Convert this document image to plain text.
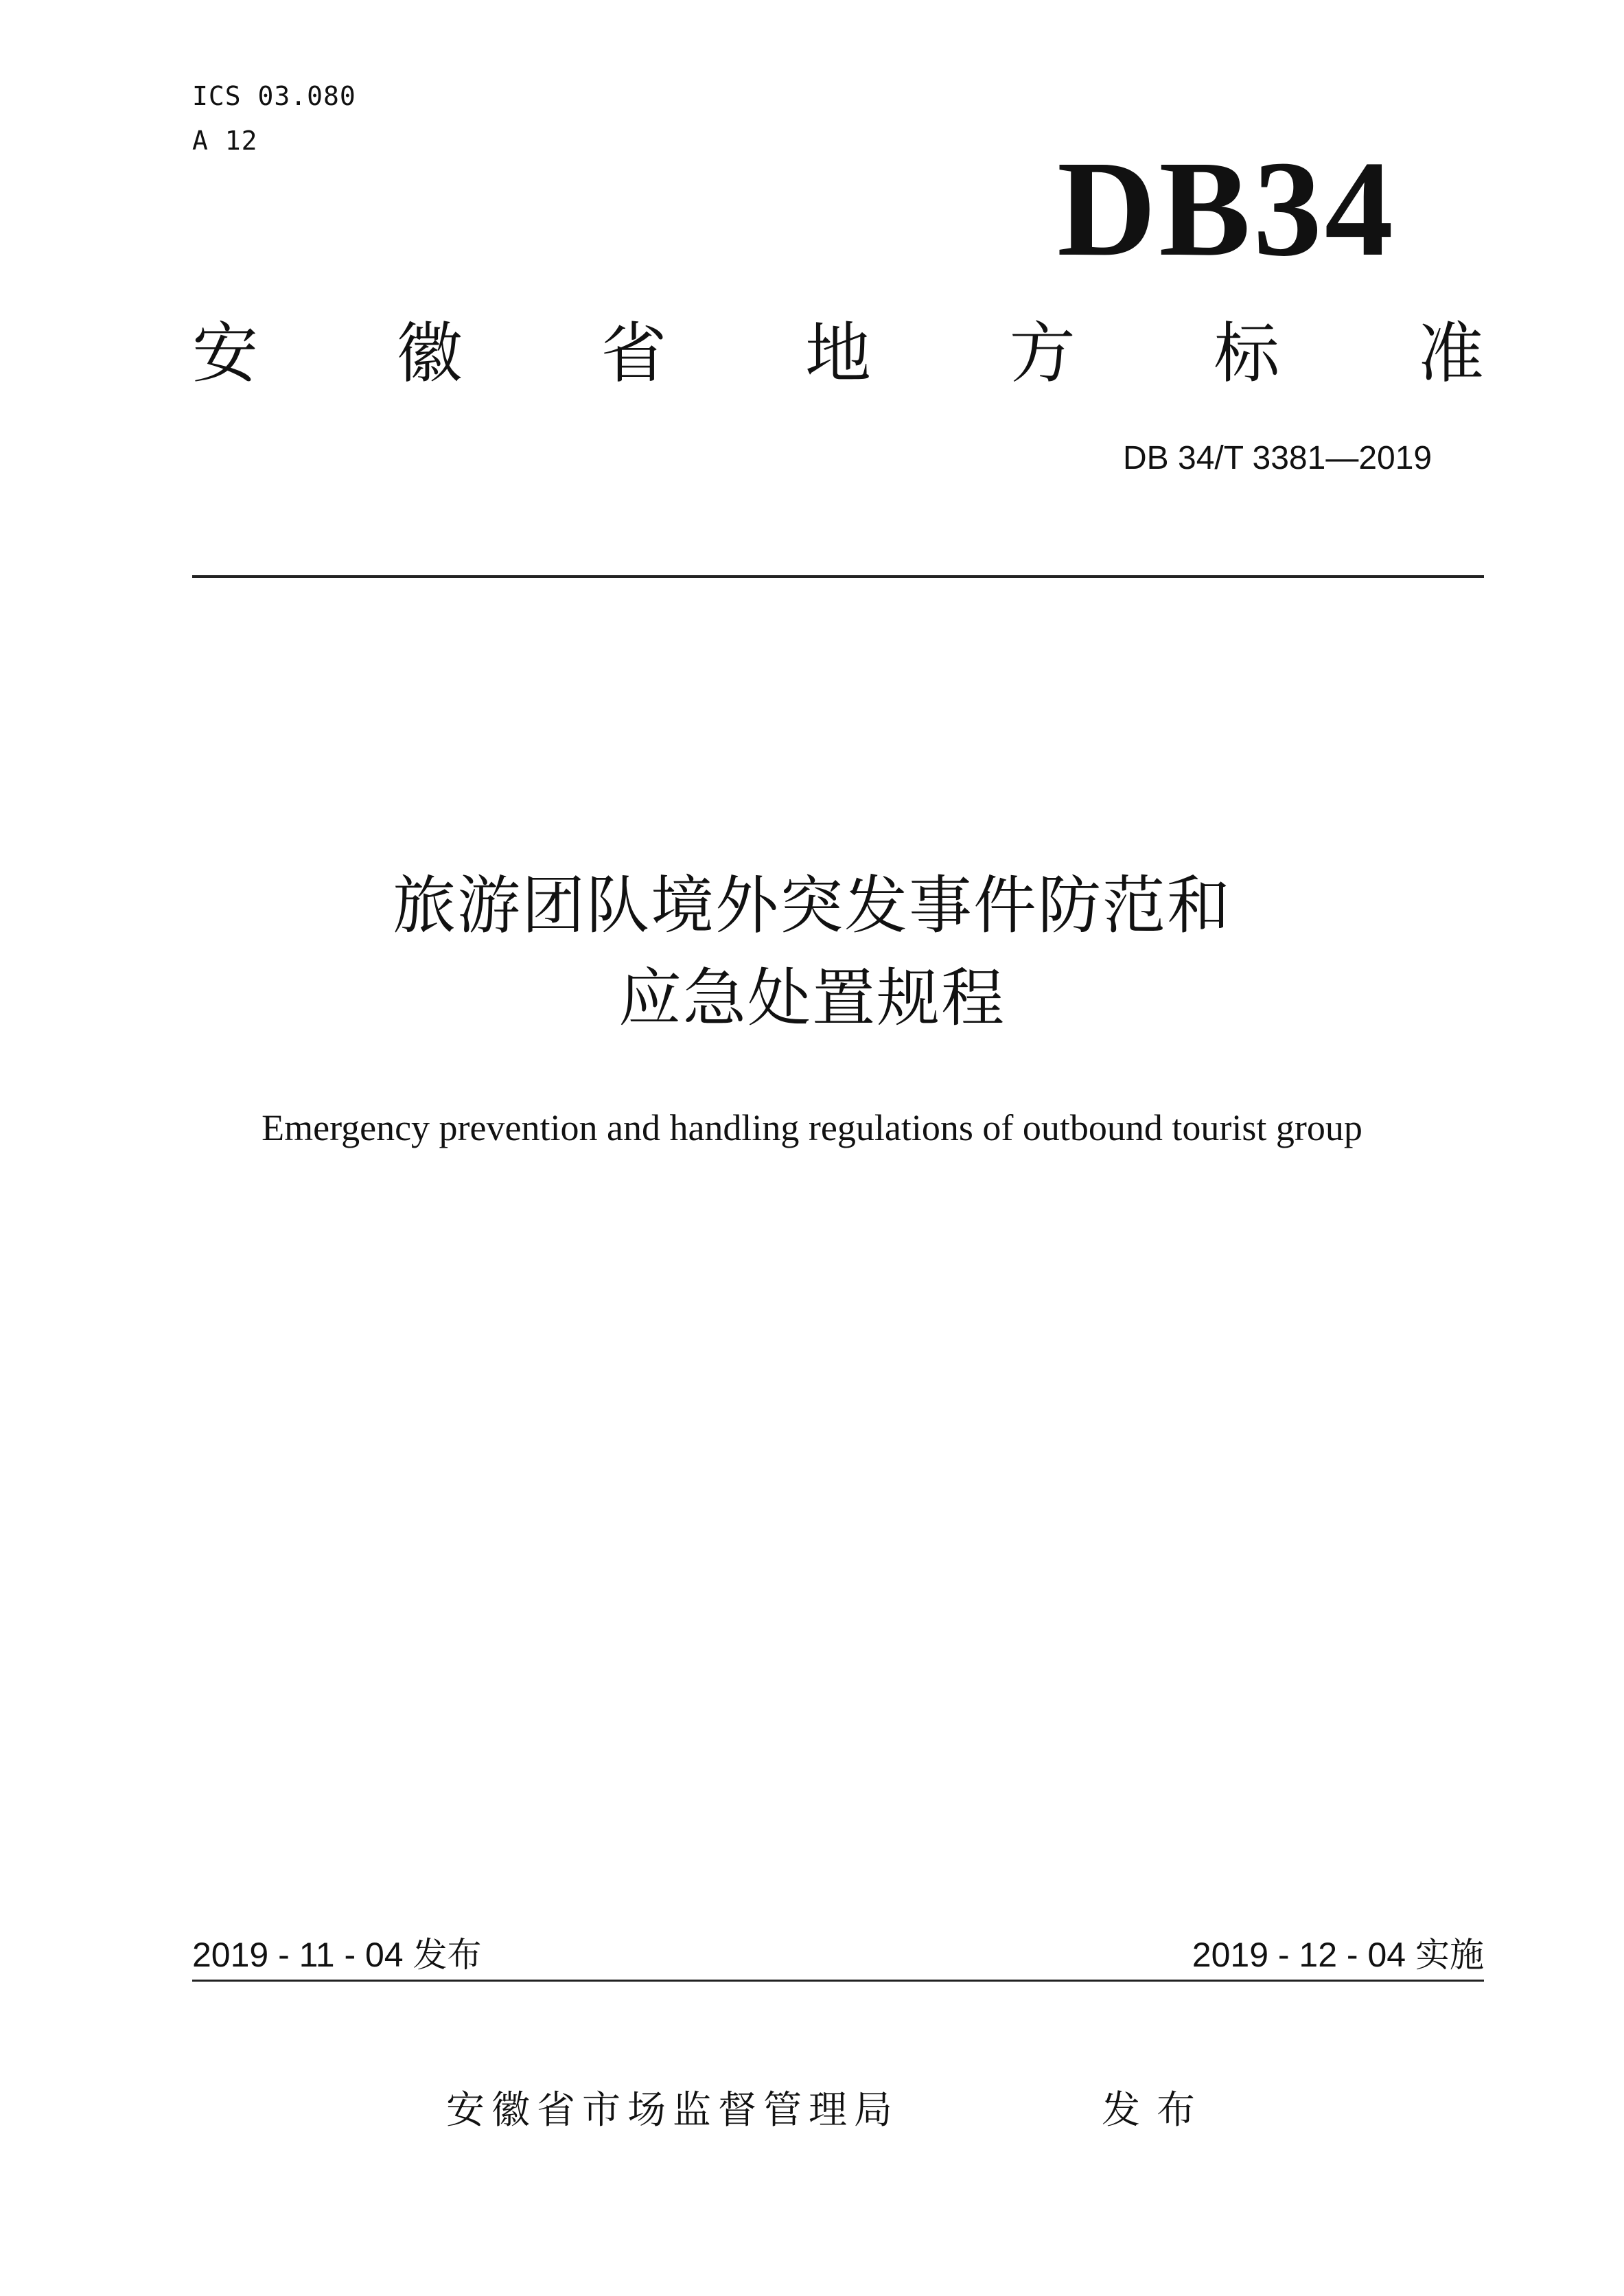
ICS 03.080
A 12	DB34
安 徽 省 地 方 标 准
DB 34/T 3381—2019
旅游团队境外突发事件防范和
应急处置规程
Emergency prevention and handling regulations of outbound tourist group
2019 - 11 - 04 发布	2019 - 12 - 04 实施
安徽省市场监督管理局	发布
